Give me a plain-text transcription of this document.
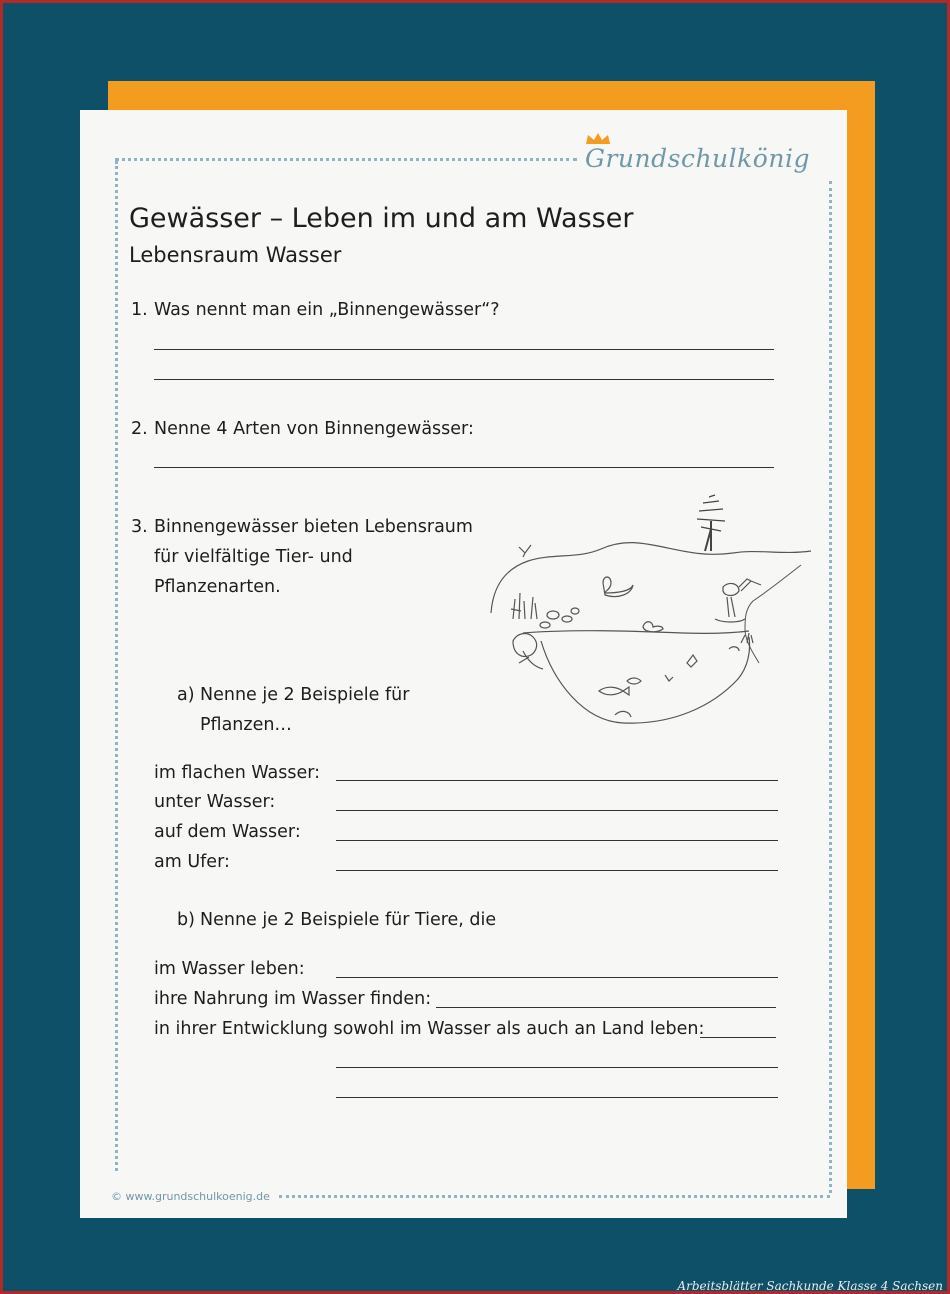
Grundschulkönig
Gewässer – Leben im und am Wasser
Lebensraum Wasser
1. Was nennt man ein „Binnengewässer“?
2. Nenne 4 Arten von Binnengewässer:
3. Binnengewässer bieten Lebensraum
für vielfältige Tier- und
Pflanzenarten.
a) Nenne je 2 Beispiele für
Pflanzen…
im flachen Wasser:
unter Wasser:
auf dem Wasser:
am Ufer:
b) Nenne je 2 Beispiele für Tiere, die
im Wasser leben:
ihre Nahrung im Wasser finden:
in ihrer Entwicklung sowohl im Wasser als auch an Land leben:
© www.grundschulkoenig.de
Arbeitsblätter Sachkunde Klasse 4 Sachsen
